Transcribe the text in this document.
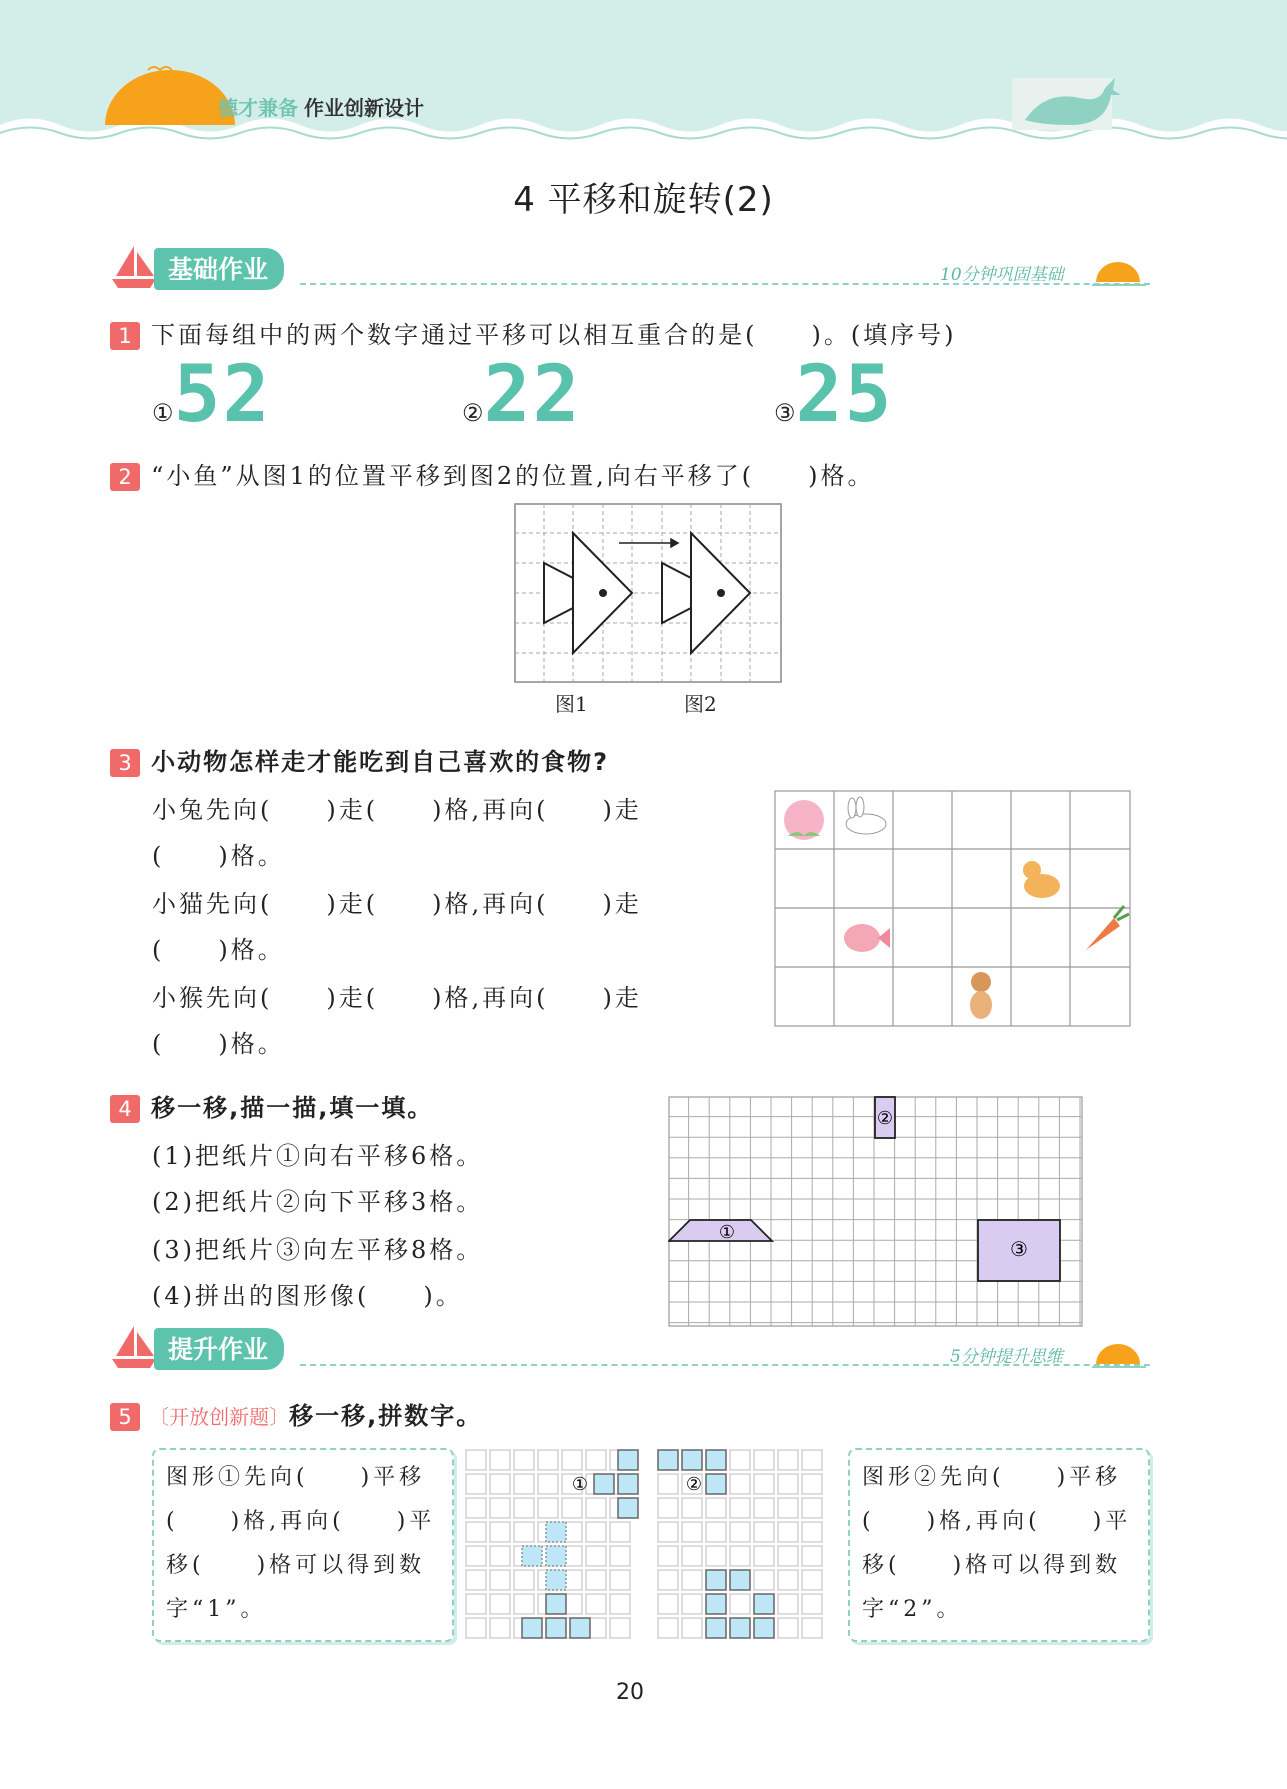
德才兼备 作业创新设计
4 平移和旋转(2)
基础作业	10分钟巩固基础
1 下面每组中的两个数字通过平移可以相互重合的是(　　)。(填序号)
①52	②22	③25
2 “小鱼”从图1的位置平移到图2的位置,向右平移了(　　)格。
图1	图2
3 小动物怎样走才能吃到自己喜欢的食物?
小兔先向(　　)走(　　)格,再向(　　)走
(　　)格。
小猫先向(　　)走(　　)格,再向(　　)走
(　　)格。
小猴先向(　　)走(　　)格,再向(　　)走
(　　)格。
4 移一移,描一描,填一填。
(1)把纸片①向右平移6格。
(2)把纸片②向下平移3格。
(3)把纸片③向左平移8格。
(4)拼出的图形像(　　)。
①
②
③
提升作业	5分钟提升思维
5 〔开放创新题〕移一移,拼数字。
图形①先向(　　)平移
(　　)格,再向(　　)平
移(　　)格可以得到数
字“1”。
图形②先向(　　)平移
(　　)格,再向(　　)平
移(　　)格可以得到数
字“2”。
①	②
20
